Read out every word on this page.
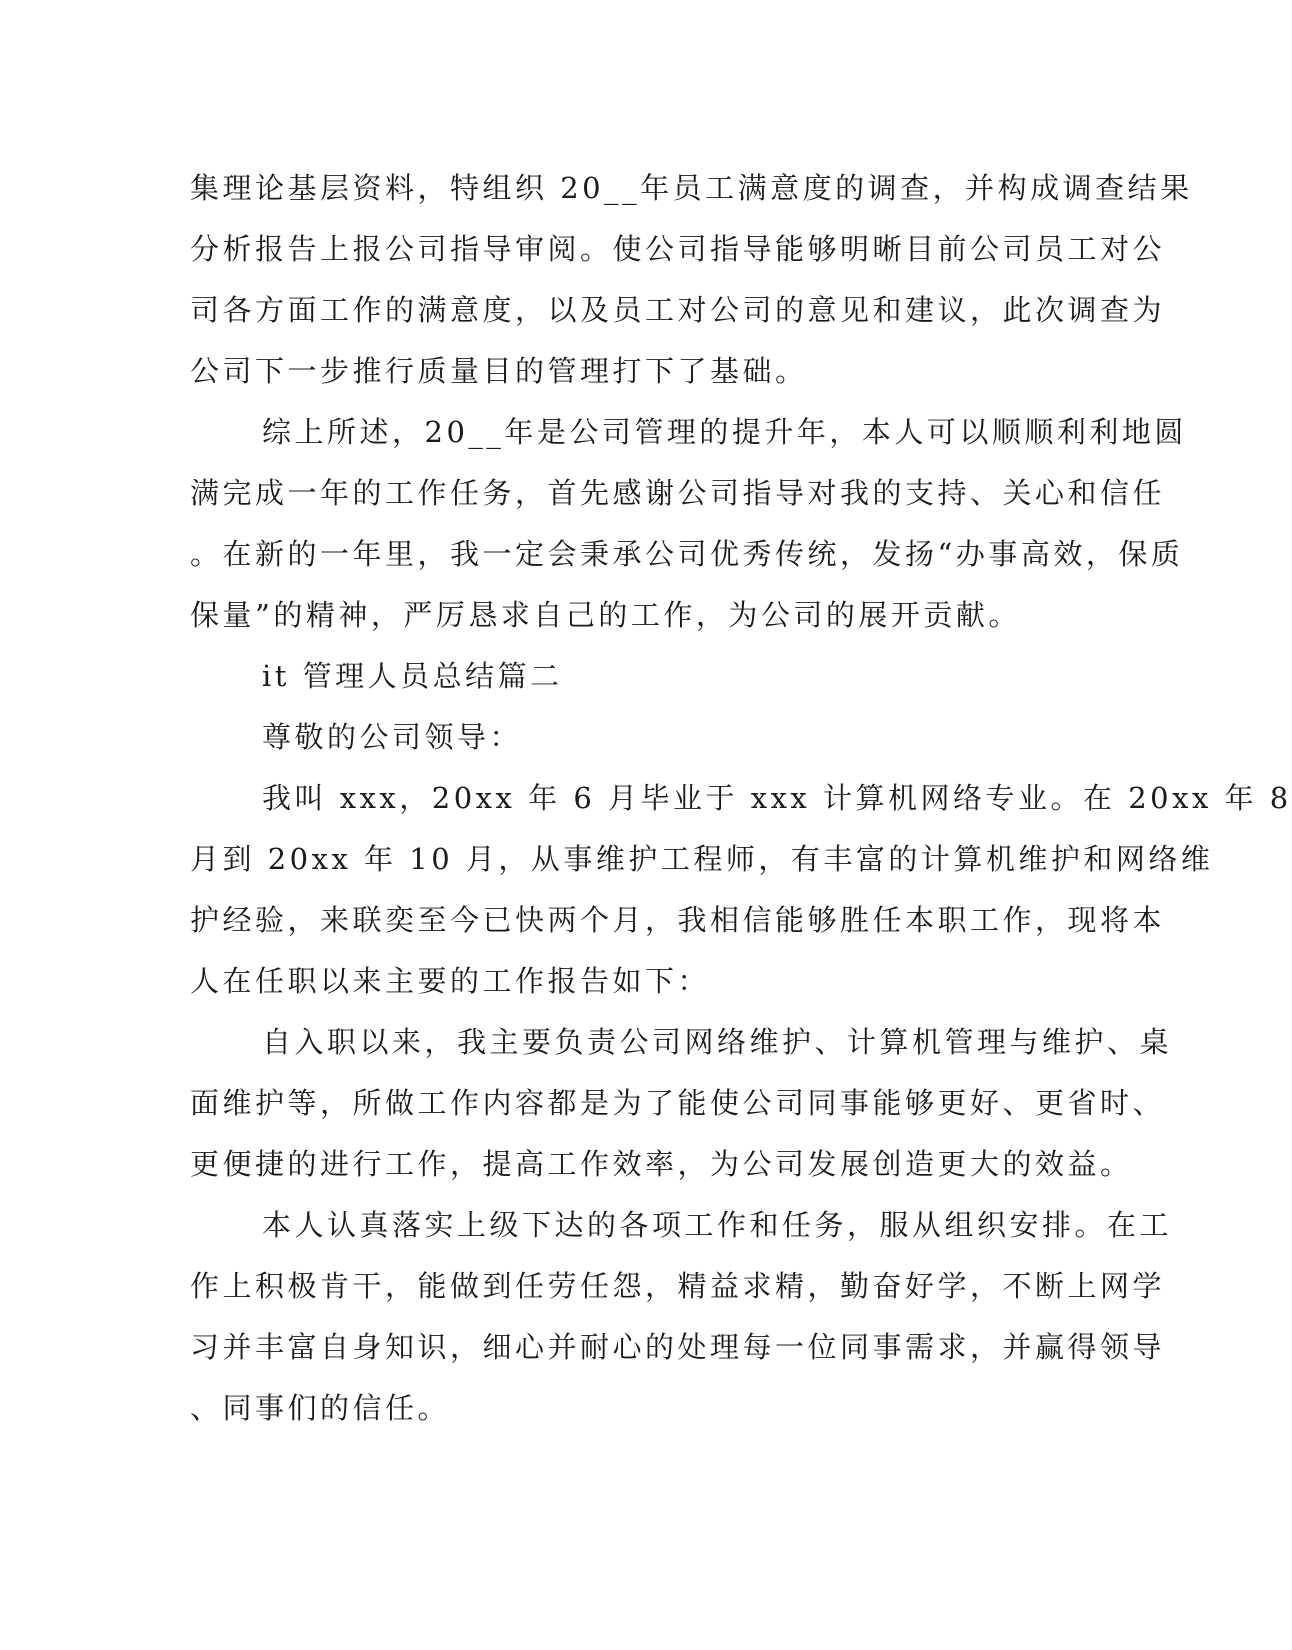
集理论基层资料，特组织 20__年员工满意度的调查，并构成调查结果
分析报告上报公司指导审阅。使公司指导能够明晰目前公司员工对公
司各方面工作的满意度，以及员工对公司的意见和建议，此次调查为
公司下一步推行质量目的管理打下了基础。
综上所述，20__年是公司管理的提升年，本人可以顺顺利利地圆
满完成一年的工作任务，首先感谢公司指导对我的支持、关心和信任
。在新的一年里，我一定会秉承公司优秀传统，发扬“办事高效，保质
保量”的精神，严厉恳求自己的工作，为公司的展开贡献。
it 管理人员总结篇二
尊敬的公司领导：
我叫 xxx，20xx 年 6 月毕业于 xxx 计算机网络专业。在 20xx 年 8
月到 20xx 年 10 月，从事维护工程师，有丰富的计算机维护和网络维
护经验，来联奕至今已快两个月，我相信能够胜任本职工作，现将本
人在任职以来主要的工作报告如下：
自入职以来，我主要负责公司网络维护、计算机管理与维护、桌
面维护等，所做工作内容都是为了能使公司同事能够更好、更省时、
更便捷的进行工作，提高工作效率，为公司发展创造更大的效益。
本人认真落实上级下达的各项工作和任务，服从组织安排。在工
作上积极肯干，能做到任劳任怨，精益求精，勤奋好学，不断上网学
习并丰富自身知识，细心并耐心的处理每一位同事需求，并赢得领导
、同事们的信任。
